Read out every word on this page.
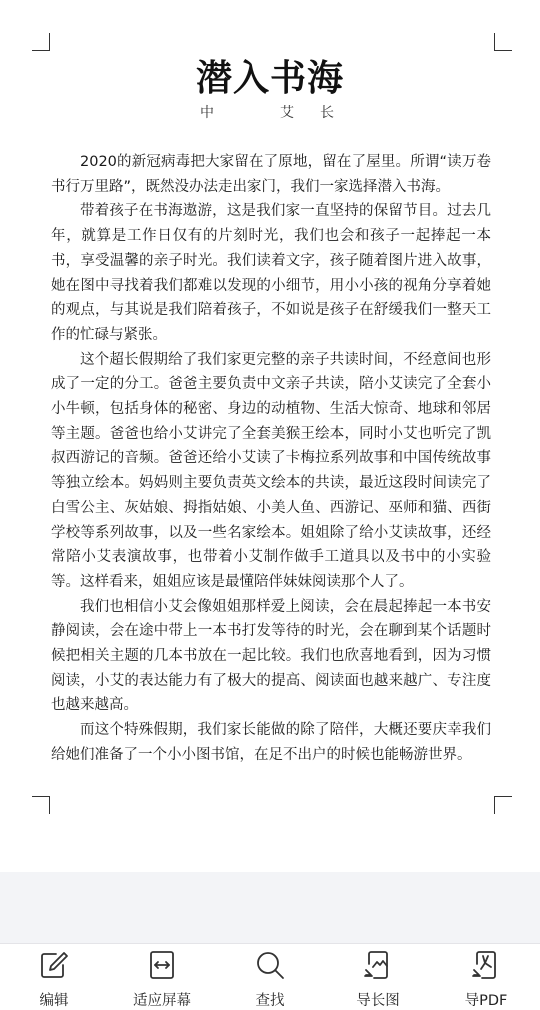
潜入书海
中　　　艾　长

2020的新冠病毒把大家留在了原地，留在了屋里。所谓“读万卷书行万里路”，既然没办法走出家门，我们一家选择潜入书海。

带着孩子在书海遨游，这是我们家一直坚持的保留节目。过去几年，就算是工作日仅有的片刻时光，我们也会和孩子一起捧起一本书，享受温馨的亲子时光。我们读着文字，孩子随着图片进入故事，她在图中寻找着我们都难以发现的小细节，用小小孩的视角分享着她的观点，与其说是我们陪着孩子，不如说是孩子在舒缓我们一整天工作的忙碌与紧张。

这个超长假期给了我们家更完整的亲子共读时间，不经意间也形成了一定的分工。爸爸主要负责中文亲子共读，陪小艾读完了全套小小牛顿，包括身体的秘密、身边的动植物、生活大惊奇、地球和邻居等主题。爸爸也给小艾讲完了全套美猴王绘本，同时小艾也听完了凯叔西游记的音频。爸爸还给小艾读了卡梅拉系列故事和中国传统故事等独立绘本。妈妈则主要负责英文绘本的共读，最近这段时间读完了白雪公主、灰姑娘、拇指姑娘、小美人鱼、西游记、巫师和猫、西街学校等系列故事，以及一些名家绘本。姐姐除了给小艾读故事，还经常陪小艾表演故事，也带着小艾制作做手工道具以及书中的小实验等。这样看来，姐姐应该是最懂陪伴妹妹阅读那个人了。

我们也相信小艾会像姐姐那样爱上阅读，会在晨起捧起一本书安静阅读，会在途中带上一本书打发等待的时光，会在聊到某个话题时候把相关主题的几本书放在一起比较。我们也欣喜地看到，因为习惯阅读，小艾的表达能力有了极大的提高、阅读面也越来越广、专注度也越来越高。

而这个特殊假期，我们家长能做的除了陪伴，大概还要庆幸我们给她们准备了一个小小图书馆，在足不出户的时候也能畅游世界。

编辑	适应屏幕	查找	导长图	导PDF
